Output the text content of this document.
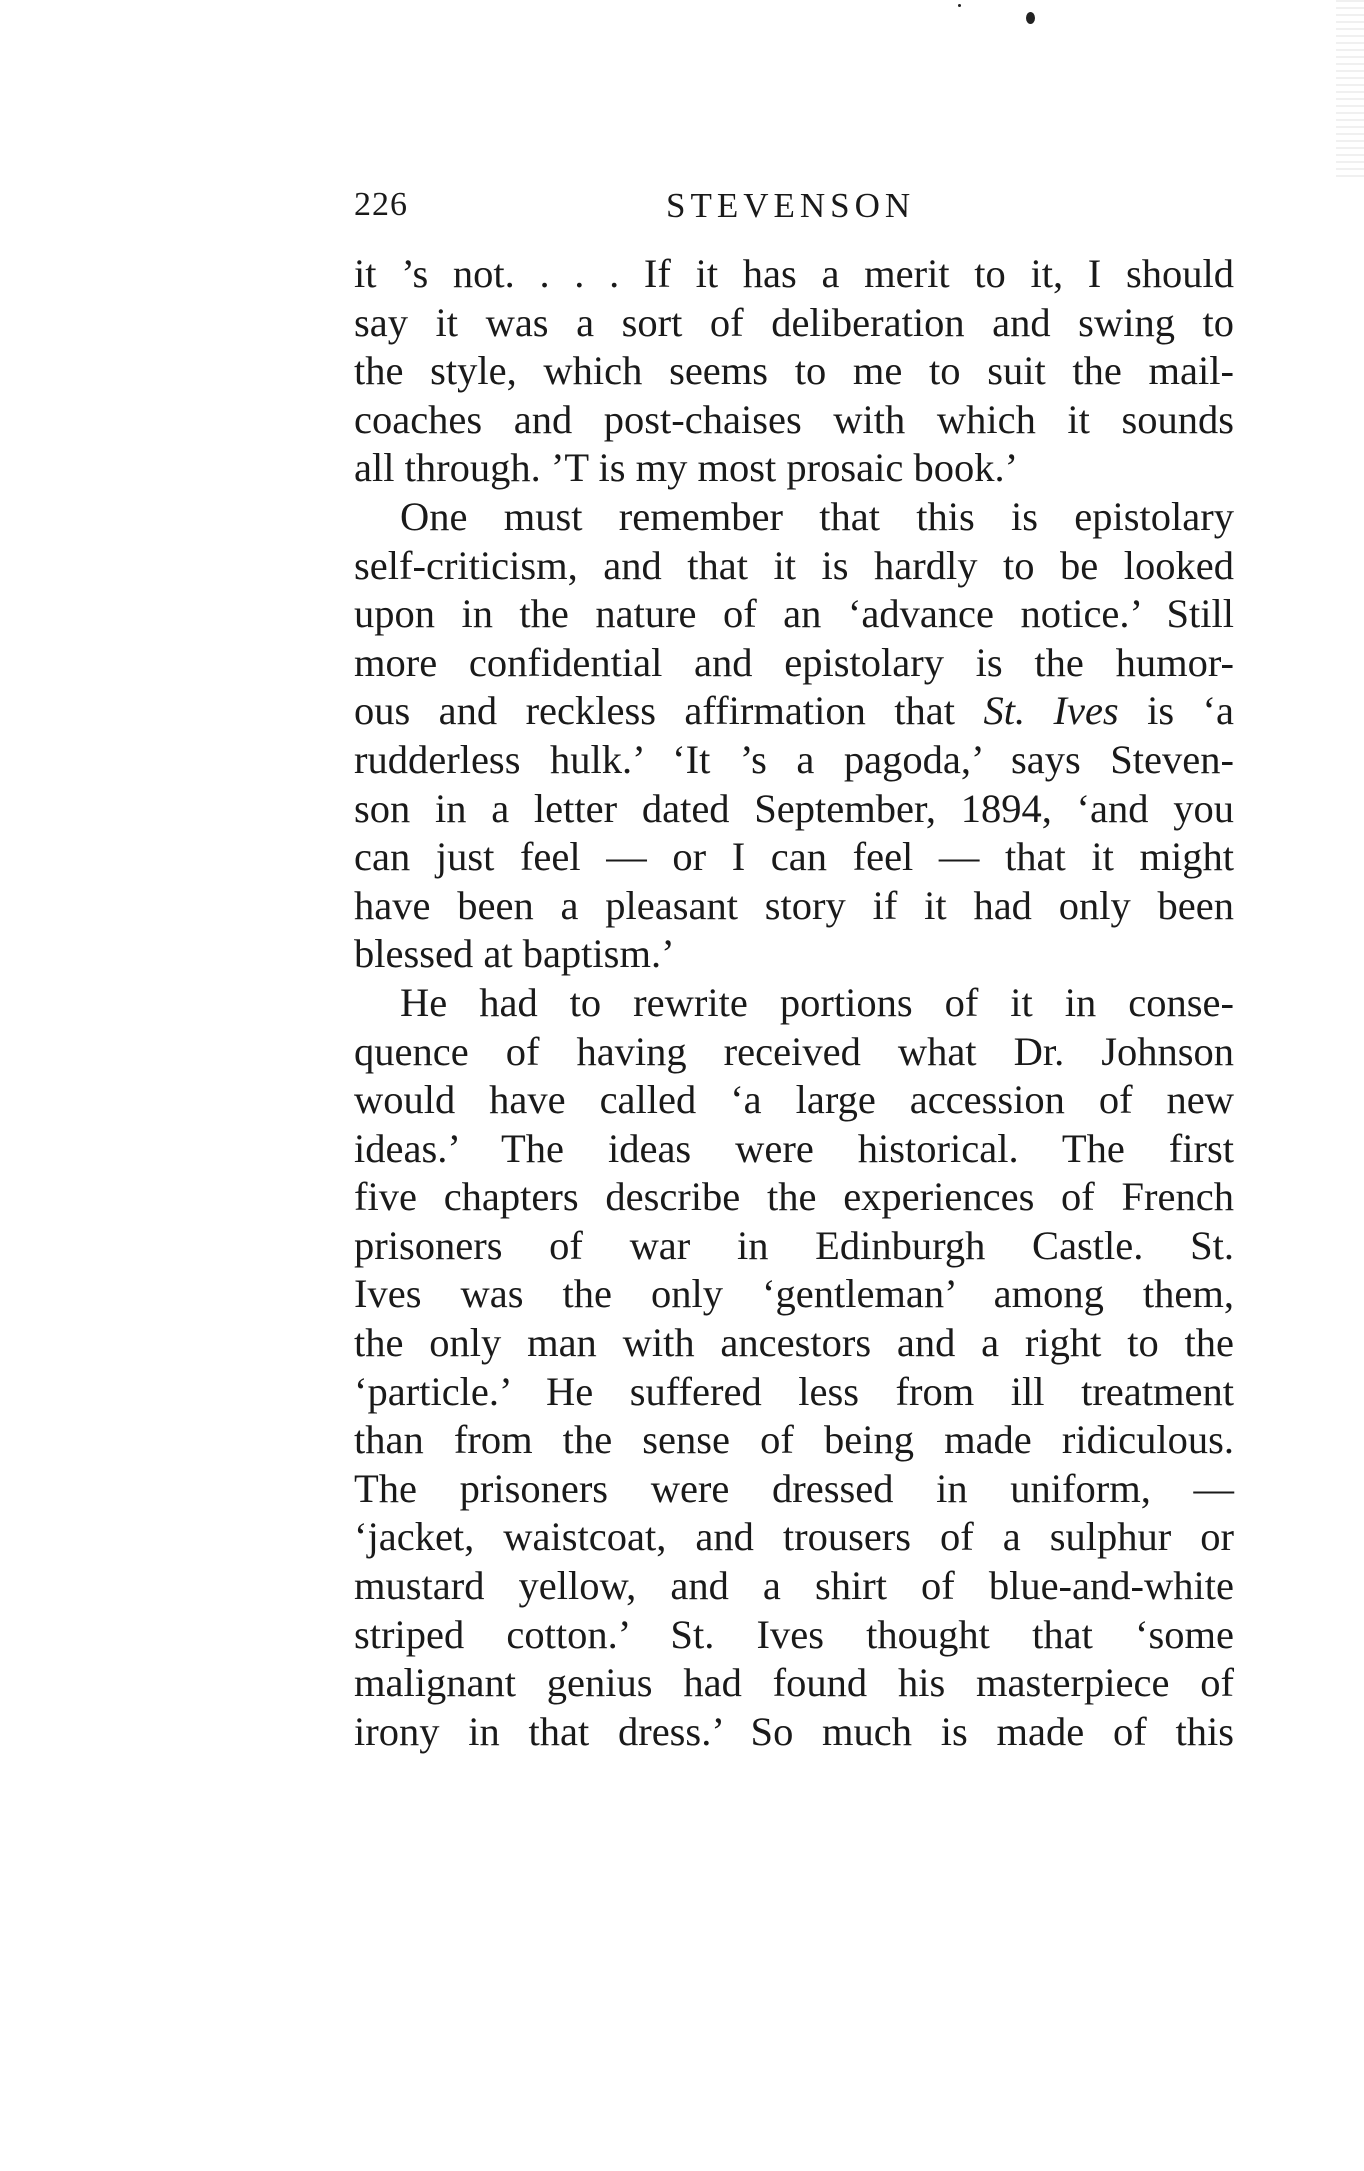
226	STEVENSON
it ’s not. . . . If it has a merit to it, I should
say it was a sort of deliberation and swing to
the style, which seems to me to suit the mail-
coaches and post-chaises with which it sounds
all through. ’T is my most prosaic book.’
One must remember that this is epistolary
self-criticism, and that it is hardly to be looked
upon in the nature of an ‘advance notice.’ Still
more confidential and epistolary is the humor-
ous and reckless affirmation that St. Ives is ‘a
rudderless hulk.’ ‘It ’s a pagoda,’ says Steven-
son in a letter dated September, 1894, ‘and you
can just feel — or I can feel — that it might
have been a pleasant story if it had only been
blessed at baptism.’
He had to rewrite portions of it in conse-
quence of having received what Dr. Johnson
would have called ‘a large accession of new
ideas.’ The ideas were historical. The first
five chapters describe the experiences of French
prisoners of war in Edinburgh Castle. St.
Ives was the only ‘gentleman’ among them,
the only man with ancestors and a right to the
‘particle.’ He suffered less from ill treatment
than from the sense of being made ridiculous.
The prisoners were dressed in uniform, —
‘jacket, waistcoat, and trousers of a sulphur or
mustard yellow, and a shirt of blue-and-white
striped cotton.’ St. Ives thought that ‘some
malignant genius had found his masterpiece of
irony in that dress.’ So much is made of this
